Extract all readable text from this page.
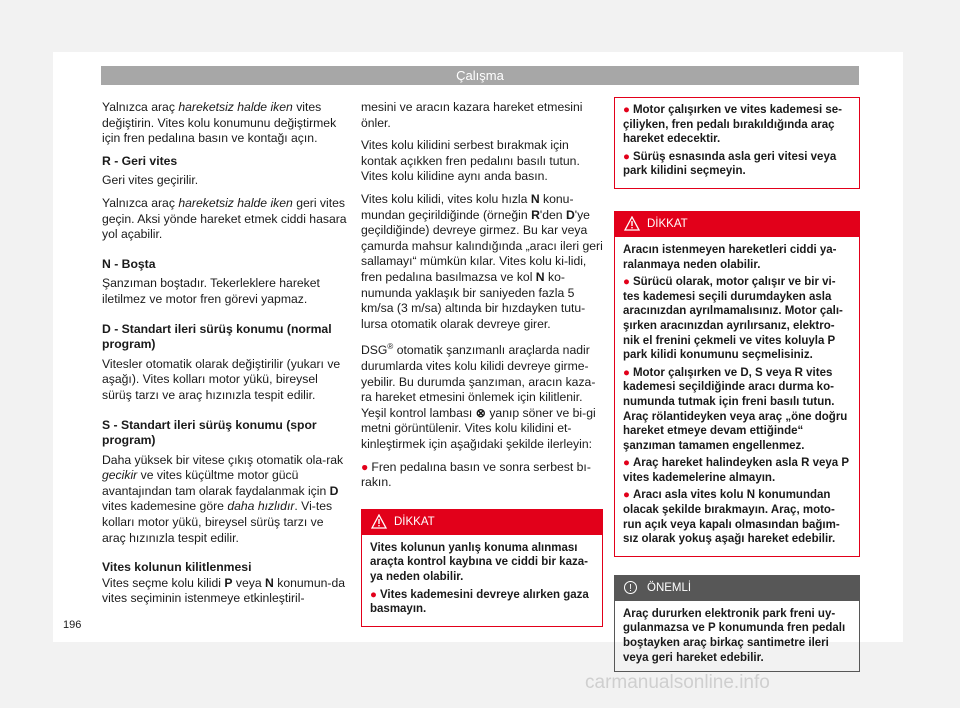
Çalışma

Yalnızca araç hareketsiz halde iken vites değiştirin. Vites kolu konumunu değiştirmek için fren pedalına basın ve kontağı açın.

R - Geri vites

Geri vites geçirilir.

Yalnızca araç hareketsiz halde iken geri vites geçin. Aksi yönde hareket etmek ciddi hasara yol açabilir.

N - Boşta

Şanzıman boştadır. Tekerleklere hareket iletilmez ve motor fren görevi yapmaz.

D - Standart ileri sürüş konumu (normal program)

Vitesler otomatik olarak değiştirilir (yukarı ve aşağı). Vites kolları motor yükü, bireysel sürüş tarzı ve araç hızınızla tespit edilir.

S - Standart ileri sürüş konumu (spor program)

Daha yüksek bir vitese çıkış otomatik ola-rak gecikir ve vites küçültme motor gücü avantajından tam olarak faydalanmak için D vites kademesine göre daha hızlıdır. Vi-tes kolları motor yükü, bireysel sürüş tarzı ve araç hızınızla tespit edilir.

Vites kolunun kilitlenmesi

Vites seçme kolu kilidi P veya N konumun-da vites seçiminin istenmeye etkinleştiril-

mesini ve aracın kazara hareket etmesini önler.

Vites kolu kilidini serbest bırakmak için kontak açıkken fren pedalını basılı tutun. Vites kolu kilidine aynı anda basın.

Vites kolu kilidi, vites kolu hızla N konu-mundan geçirildiğinde (örneğin R'den D'ye geçildiğinde) devreye girmez. Bu kar veya çamurda mahsur kalındığında „aracı ileri geri sallamayı“ mümkün kılar. Vites kolu ki-lidi, fren pedalına basılmazsa ve kol N ko-numunda yaklaşık bir saniyeden fazla 5 km/sa (3 m/sa) altında bir hızdayken tutu-lursa otomatik olarak devreye girer.

DSG® otomatik şanzımanlı araçlarda nadir durumlarda vites kolu kilidi devreye girme-yebilir. Bu durumda şanzıman, aracın kaza-ra hareket etmesini önlemek için kilitlenir. Yeşil kontrol lambası ⊗ yanıp söner ve bi-gi metni görüntülenir. Vites kolu kilidini et-kinleştirmek için aşağıdaki şekilde ilerleyin:

● Fren pedalına basın ve sonra serbest bı-rakın.

DİKKAT

Vites kolunun yanlış konuma alınması araçta kontrol kaybına ve ciddi bir kaza-ya neden olabilir.

● Vites kademesini devreye alırken gaza basmayın.

● Motor çalışırken ve vites kademesi se-çiliyken, fren pedalı bırakıldığında araç hareket edecektir.

● Sürüş esnasında asla geri vitesi veya park kilidini seçmeyin.

DİKKAT

Aracın istenmeyen hareketleri ciddi ya-ralanmaya neden olabilir.

● Sürücü olarak, motor çalışır ve bir vi-tes kademesi seçili durumdayken asla aracınızdan ayrılmamalısınız. Motor çalı-şırken aracınızdan ayrılırsanız, elektro-nik el frenini çekmeli ve vites koluyla P park kilidi konumunu seçmelisiniz.

● Motor çalışırken ve D, S veya R vites kademesi seçildiğinde aracı durma ko-numunda tutmak için freni basılı tutun. Araç rölantideyken veya araç „öne doğru hareket etmeye devam ettiğinde“ şanzıman tamamen engellenmez.

● Araç hareket halindeyken asla R veya P vites kademelerine almayın.

● Aracı asla vites kolu N konumundan olacak şekilde bırakmayın. Araç, moto-run açık veya kapalı olmasından bağım-sız olarak yokuş aşağı hareket edebilir.

!	ÖNEMLİ
Araç dururken elektronik park freni uy-gulanmazsa ve P konumunda fren pedalı boştayken araç birkaç santimetre ileri veya geri hareket edebilir.
196
carmanualsonline.info
